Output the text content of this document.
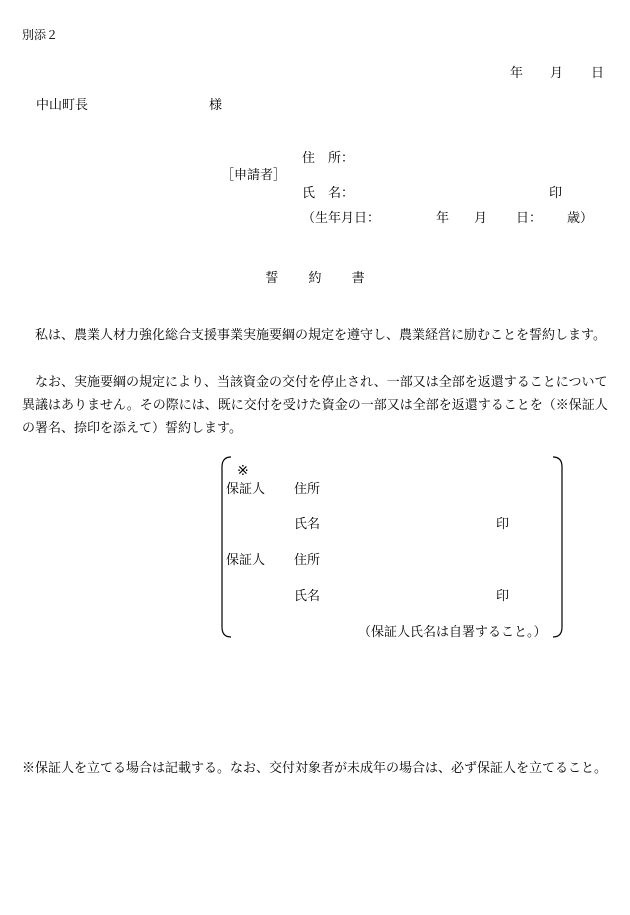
別添２
年 月 日
中山町長	様
［申請者］
住　所：
氏　名：	印
（生年月日：	年 月 日： 歳）
誓 約 書
私は、農業人材力強化総合支援事業実施要綱の規定を遵守し、農業経営に励むことを誓約します。
なお、実施要綱の規定により、当該資金の交付を停止され、一部又は全部を返還することについて異議はありません。その際には、既に交付を受けた資金の一部又は全部を返還することを（※保証人の署名、捺印を添えて）誓約します。
※
保証人 住所
氏名	印
保証人 住所
氏名	印
（保証人氏名は自署すること。）
※保証人を立てる場合は記載する。なお、交付対象者が未成年の場合は、必ず保証人を立てること。
